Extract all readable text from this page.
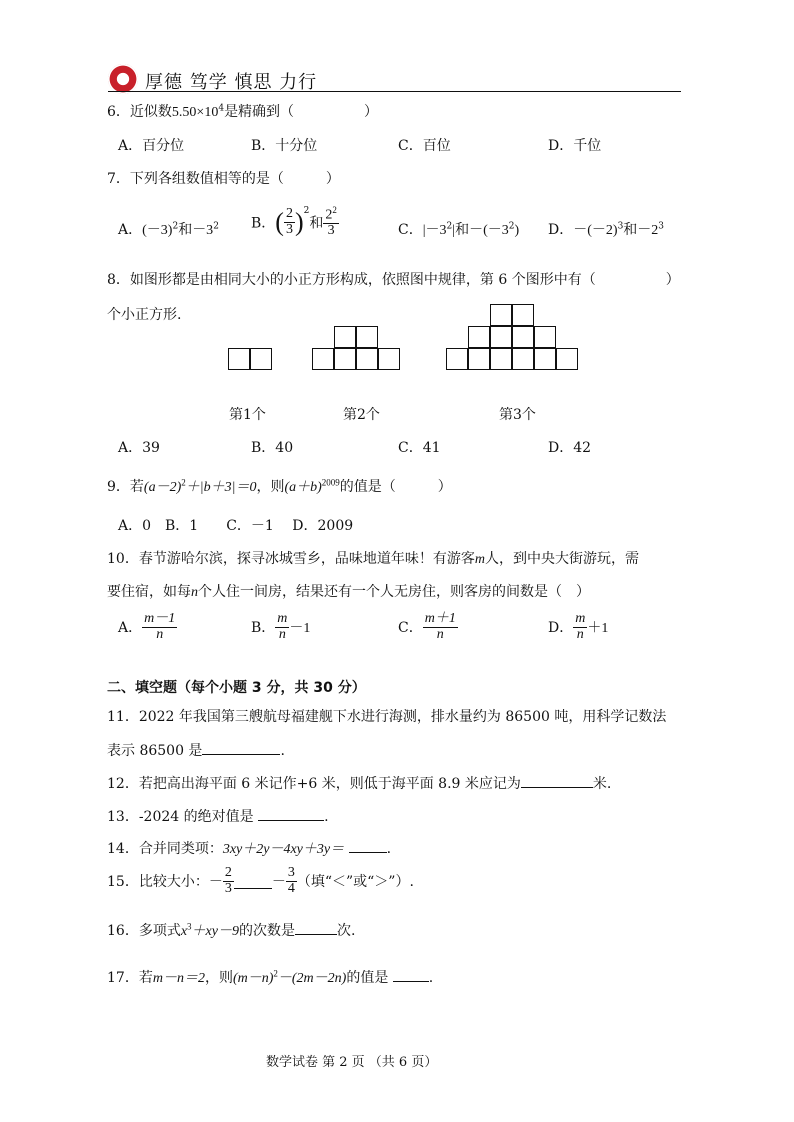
厚德 笃学 慎思 力行
6．近似数$5.50\times 10^4$是精确到（　　　　　）
A．百分位	B．十分位	C．百位	D．千位
7．下列各组数值相等的是（　　　）
A．$(-3)^2$和$-3^2$ B．( $\frac{2}{3} )^2$和 $\frac{2^2}{3}$	C．$|-3^2|$和$-(-3^2)$ D．$-(-2)^3$和$-2^3$
8．如图形都是由相同大小的小正方形构成，依照图中规律，第 6 个图形中有（　　　　　）
个小正方形.
第1个	第2个	第3个
A．39	B．40	C．41	D．42
9．若$(a-2)^2+|b+3|=0$，则$(a+b)^{2009}$的值是（　　　）
A．0　B．1　　C．－1　 D．2009
10．春节游哈尔滨，探寻冰城雪乡，品味地道年味！有游客m人，到中央大街游玩，需
要住宿，如每n个人住一间房，结果还有一个人无房住，则客房的间数是（　）
A． $\frac{m-1}{n}$	B． $\frac{m}{n} -1$	C． $\frac{m+1}{n}$	D． $\frac{m}{n} +1$
二、填空题（每个小题 3 分，共 30 分）
11．2022 年我国第三艘航母福建舰下水进行海测，排水量约为 86500 吨，用科学记数法
表示 86500 是	.
12．若把高出海平面 6 米记作+6 米，则低于海平面 8.9 米应记为	米.
13．-2024 的绝对值是	.
14．合并同类项：3xy＋2y－4xy＋3y＝	.
15．比较大小：－ $\frac{2}{3}$	－ $\frac{3}{4}$ （填“＜”或“＞”）.
16．多项式$x^3+xy-9$的次数是	次.
17．若m－n＝2，则$(m-n)^2-(2m-2n)$的值是	.
数学试卷 第 2 页 （共 6 页）
